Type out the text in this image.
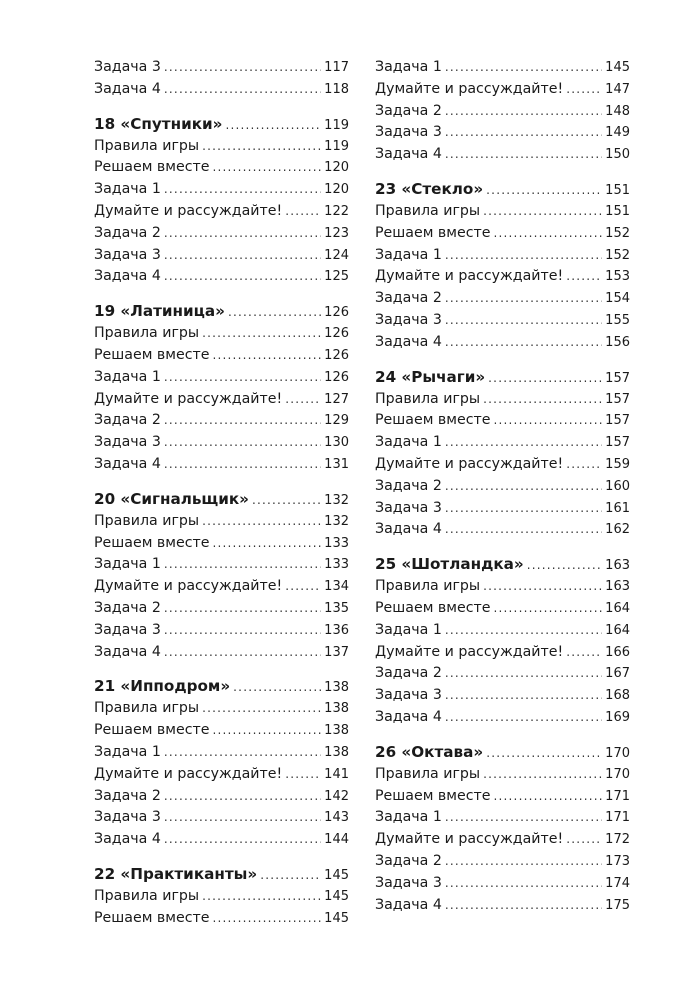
Задача 3 .....	117
Задача 4 .....	118
18 «Спутники» .....	119
Правила игры .....	119
Решаем вместе .....	120
Задача 1 .....	120
Думайте и рассуждайте! .....	122
Задача 2 .....	123
Задача 3 .....	124
Задача 4 .....	125
19 «Латиница» .....	126
Правила игры .....	126
Решаем вместе .....	126
Задача 1 .....	126
Думайте и рассуждайте! .....	127
Задача 2 .....	129
Задача 3 .....	130
Задача 4 .....	131
20 «Сигнальщик» .....	132
Правила игры .....	132
Решаем вместе .....	133
Задача 1 .....	133
Думайте и рассуждайте! .....	134
Задача 2 .....	135
Задача 3 .....	136
Задача 4 .....	137
21 «Ипподром» .....	138
Правила игры .....	138
Решаем вместе .....	138
Задача 1 .....	138
Думайте и рассуждайте! .....	141
Задача 2 .....	142
Задача 3 .....	143
Задача 4 .....	144
22 «Практиканты» .....	145
Правила игры .....	145
Решаем вместе .....	145
Задача 1 .....	145
Думайте и рассуждайте! .....	147
Задача 2 .....	148
Задача 3 .....	149
Задача 4 .....	150
23 «Стекло» .....	151
Правила игры .....	151
Решаем вместе .....	152
Задача 1 .....	152
Думайте и рассуждайте! .....	153
Задача 2 .....	154
Задача 3 .....	155
Задача 4 .....	156
24 «Рычаги» .....	157
Правила игры .....	157
Решаем вместе .....	157
Задача 1 .....	157
Думайте и рассуждайте! .....	159
Задача 2 .....	160
Задача 3 .....	161
Задача 4 .....	162
25 «Шотландка» .....	163
Правила игры .....	163
Решаем вместе .....	164
Задача 1 .....	164
Думайте и рассуждайте! .....	166
Задача 2 .....	167
Задача 3 .....	168
Задача 4 .....	169
26 «Октава» .....	170
Правила игры .....	170
Решаем вместе .....	171
Задача 1 .....	171
Думайте и рассуждайте! .....	172
Задача 2 .....	173
Задача 3 .....	174
Задача 4 .....	175
